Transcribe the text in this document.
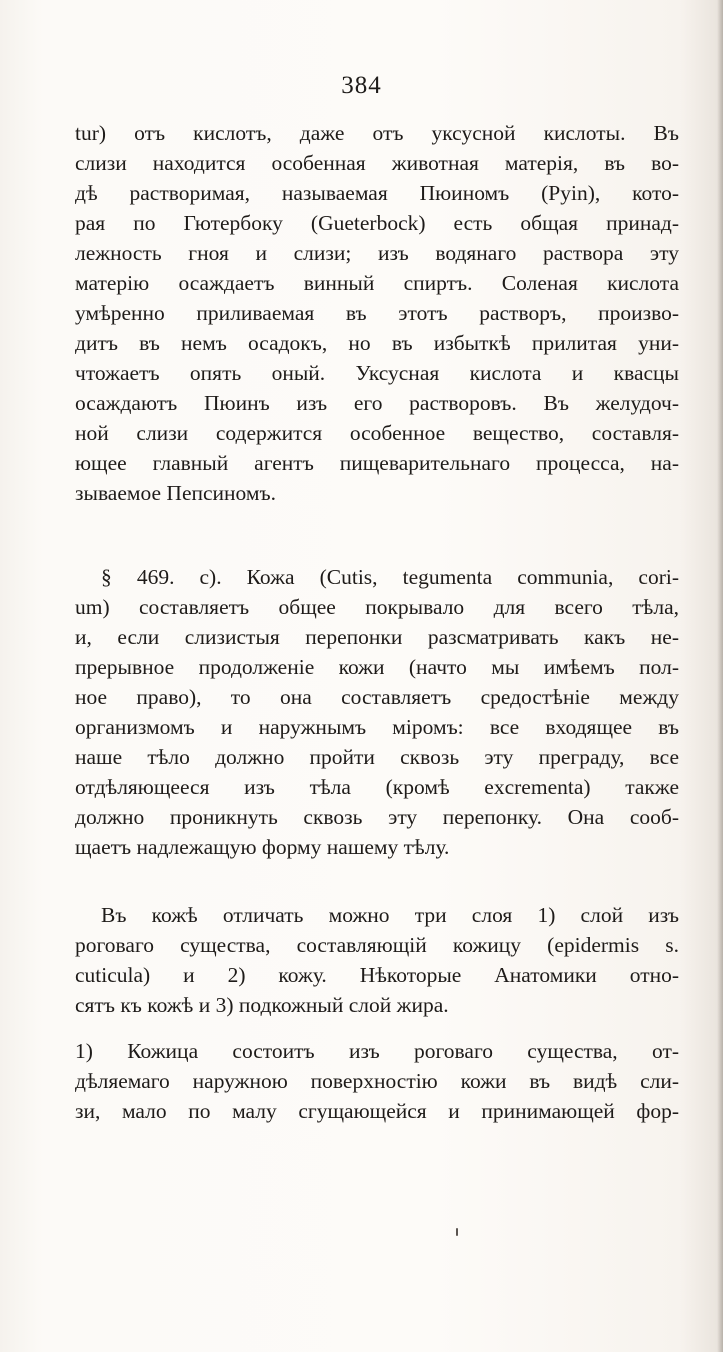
384
tur) отъ кислотъ, даже отъ уксусной кислоты. Въ
слизи находится особенная животная матерія, въ во-
дѣ растворимая, называемая Пюиномъ (Pyin), кото-
рая по Гютербоку (Guеterbock) есть общая принад-
лежность гноя и слизи; изъ водянаго раствора эту
матерію осаждаетъ винный спиртъ. Соленая кислота
умѣренно приливаемая въ этотъ растворъ, произво-
дитъ въ немъ осадокъ, но въ избыткѣ прилитая уни-
чтожаетъ опять оный. Уксусная кислота и квасцы
осаждаютъ Пюинъ изъ его растворовъ. Въ желудоч-
ной слизи содержится особенное вещество, составля-
ющее главный агентъ пищеварительнаго процесса, на-
зываемое Пепсиномъ.
§ 469. c). Кожа (Cutis, tegumenta communia, cori-
um) составляетъ общее покрывало для всего тѣла,
и, если слизистыя перепонки разсматривать какъ не-
прерывное продолженіе кожи (начто мы имѣемъ пол-
ное право), то она составляетъ средостѣніе между
организмомъ и наружнымъ міромъ: все входящее въ
наше тѣло должно пройти сквозь эту преграду, все
отдѣляющееся изъ тѣла (кромѣ excrementa) также
должно проникнуть сквозь эту перепонку. Она сооб-
щаетъ надлежащую форму нашему тѣлу.
Въ кожѣ отличать можно три слоя 1) слой изъ
роговаго существа, составляющій кожицу (epidermis s.
cuticula) и 2) кожу. Нѣкоторые Анатомики отно-
сятъ къ кожѣ и 3) подкожный слой жира.
1) Кожица состоитъ изъ роговаго существа, от-
дѣляемаго наружною поверхностію кожи въ видѣ сли-
зи, мало по малу сгущающейся и принимающей фор-
